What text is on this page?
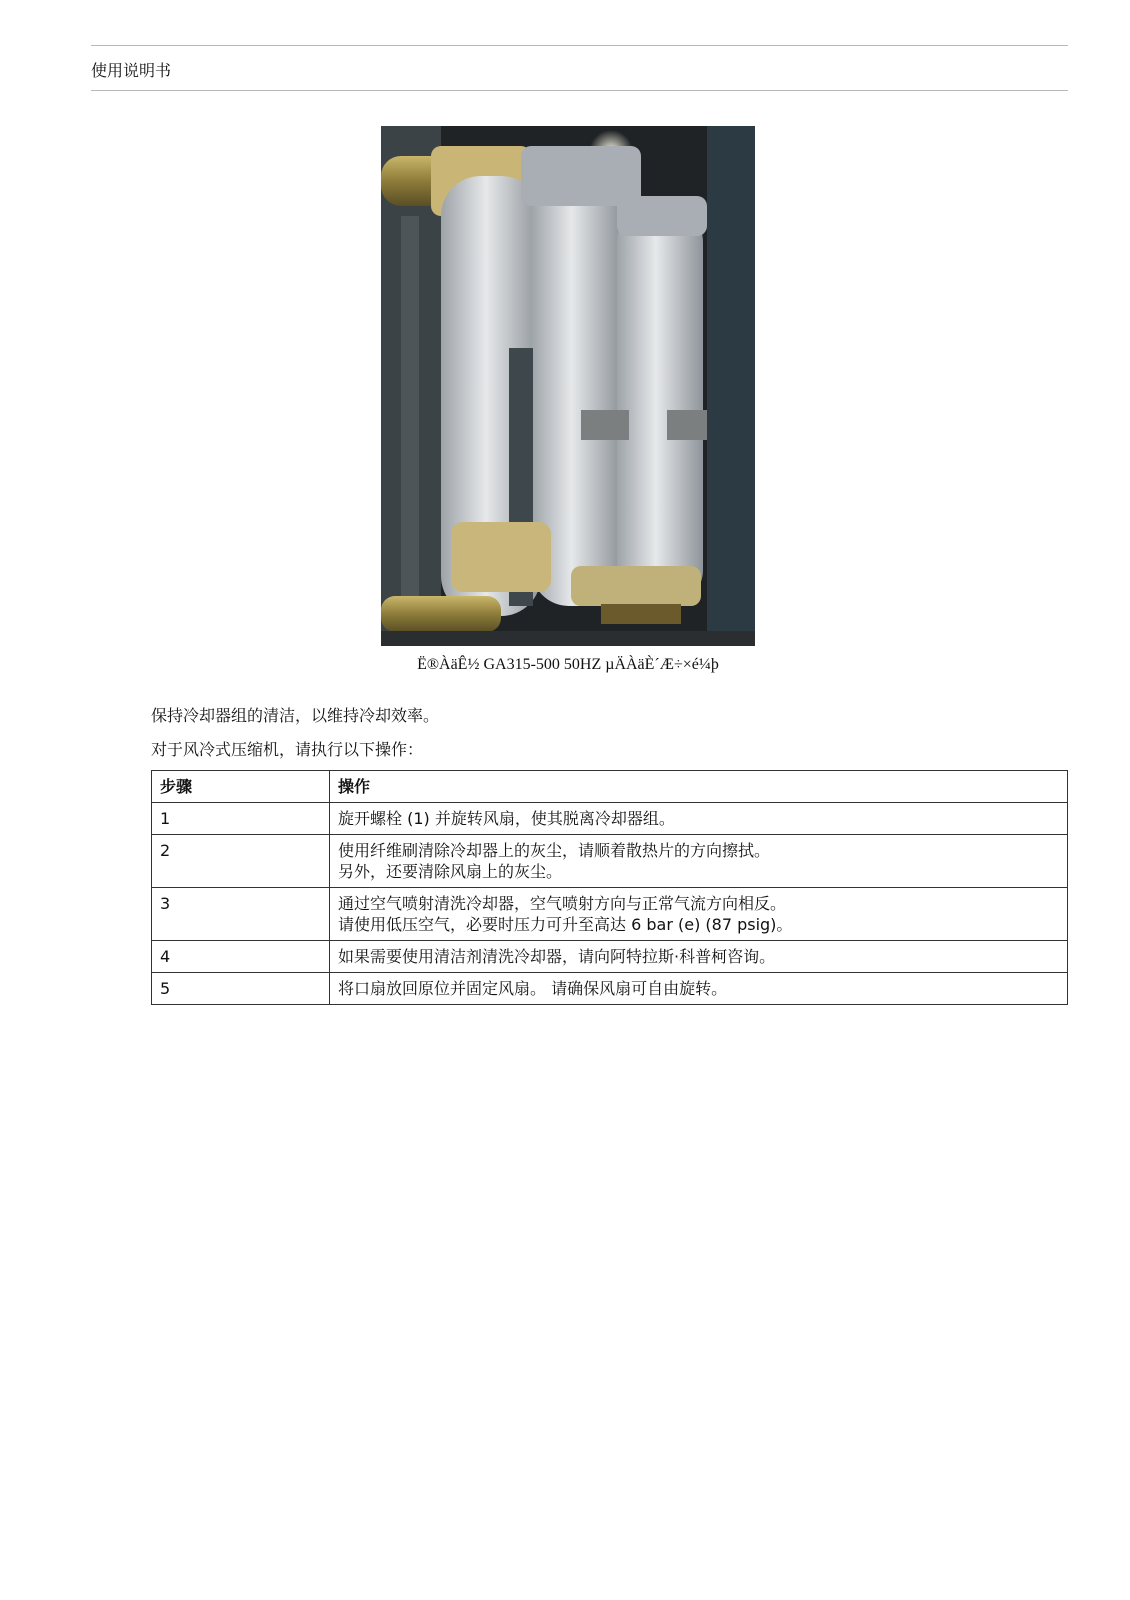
使用说明书
Ë®ÀäÊ½ GA315-500 50HZ µÄÀäÈ´Æ÷×é¼þ
保持冷却器组的清洁，以维持冷却效率。
对于风冷式压缩机，请执行以下操作：
步骤	操作
1	旋开螺栓 (1) 并旋转风扇，使其脱离冷却器组。

2	使用纤维刷清除冷却器上的灰尘，请顺着散热片的方向擦拭。
另外，还要清除风扇上的灰尘。

3	通过空气喷射清洗冷却器，空气喷射方向与正常气流方向相反。
请使用低压空气，必要时压力可升至高达 6 bar (e) (87 psig)。

4	如果需要使用清洁剂清洗冷却器，请向阿特拉斯·科普柯咨询。

5	将口扇放回原位并固定风扇。 请确保风扇可自由旋转。
